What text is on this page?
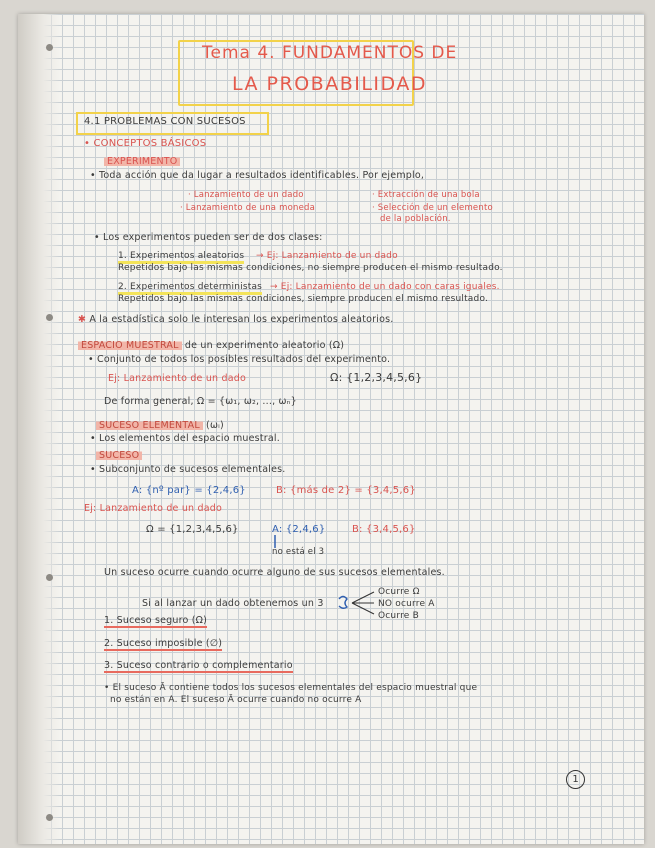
Tema 4. FUNDAMENTOS DE
LA PROBABILIDAD
4.1 PROBLEMAS CON SUCESOS
• CONCEPTOS BÁSICOS
EXPERIMENTO
• Toda acción que da lugar a resultados identificables. Por ejemplo,
· Lanzamiento de un dado
· Lanzamiento de una moneda
· Extracción de una bola
· Selección de un elemento
de la población.
• Los experimentos pueden ser de dos clases:
1. Experimentos aleatorios → Ej: Lanzamiento de un dado
Repetidos bajo las mismas condiciones, no siempre producen el mismo resultado.
2. Experimentos deterministas → Ej: Lanzamiento de un dado con caras iguales.
Repetidos bajo las mismas condiciones, siempre producen el mismo resultado.
✱ A la estadística solo le interesan los experimentos aleatorios.
ESPACIO MUESTRAL de un experimento aleatorio (Ω)
• Conjunto de todos los posibles resultados del experimento.
Ej: Lanzamiento de un dado	Ω: {1,2,3,4,5,6}
De forma general, Ω = {ω₁, ω₂, ..., ωₙ}
SUCESO ELEMENTAL (ωᵢ)
• Los elementos del espacio muestral.
SUCESO
• Subconjunto de sucesos elementales.
A: {nº par} = {2,4,6}	B: {más de 2} = {3,4,5,6}
Ej: Lanzamiento de un dado
Ω = {1,2,3,4,5,6}	A: {2,4,6}	B: {3,4,5,6}
no está el 3
Un suceso ocurre cuando ocurre alguno de sus sucesos elementales.
Si al lanzar un dado obtenemos un 3
Ocurre Ω
NO ocurre A
Ocurre B
1. Suceso seguro (Ω)
2. Suceso imposible (∅)
3. Suceso contrario o complementario
• El suceso Ā contiene todos los sucesos elementales del espacio muestral que
no están en A. El suceso Ā ocurre cuando no ocurre A
1
